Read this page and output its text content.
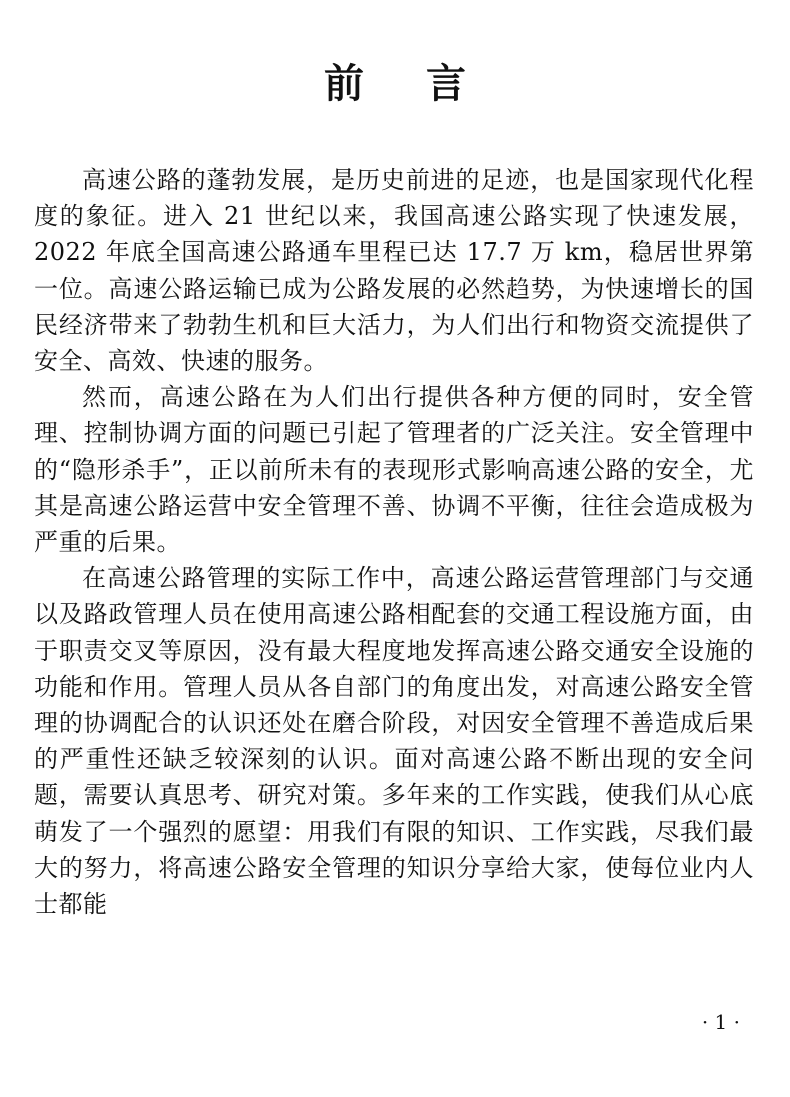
前言

高速公路的蓬勃发展，是历史前进的足迹，也是国家现代化程度的象征。进入 21 世纪以来，我国高速公路实现了快速发展，2022 年底全国高速公路通车里程已达 17.7 万 km，稳居世界第一位。高速公路运输已成为公路发展的必然趋势，为快速增长的国民经济带来了勃勃生机和巨大活力，为人们出行和物资交流提供了安全、高效、快速的服务。

然而，高速公路在为人们出行提供各种方便的同时，安全管理、控制协调方面的问题已引起了管理者的广泛关注。安全管理中的“隐形杀手”，正以前所未有的表现形式影响高速公路的安全，尤其是高速公路运营中安全管理不善、协调不平衡，往往会造成极为严重的后果。

在高速公路管理的实际工作中，高速公路运营管理部门与交通以及路政管理人员在使用高速公路相配套的交通工程设施方面，由于职责交叉等原因，没有最大程度地发挥高速公路交通安全设施的功能和作用。管理人员从各自部门的角度出发，对高速公路安全管理的协调配合的认识还处在磨合阶段，对因安全管理不善造成后果的严重性还缺乏较深刻的认识。面对高速公路不断出现的安全问题，需要认真思考、研究对策。多年来的工作实践，使我们从心底萌发了一个强烈的愿望：用我们有限的知识、工作实践，尽我们最大的努力，将高速公路安全管理的知识分享给大家，使每位业内人士都能

· 1 ·
